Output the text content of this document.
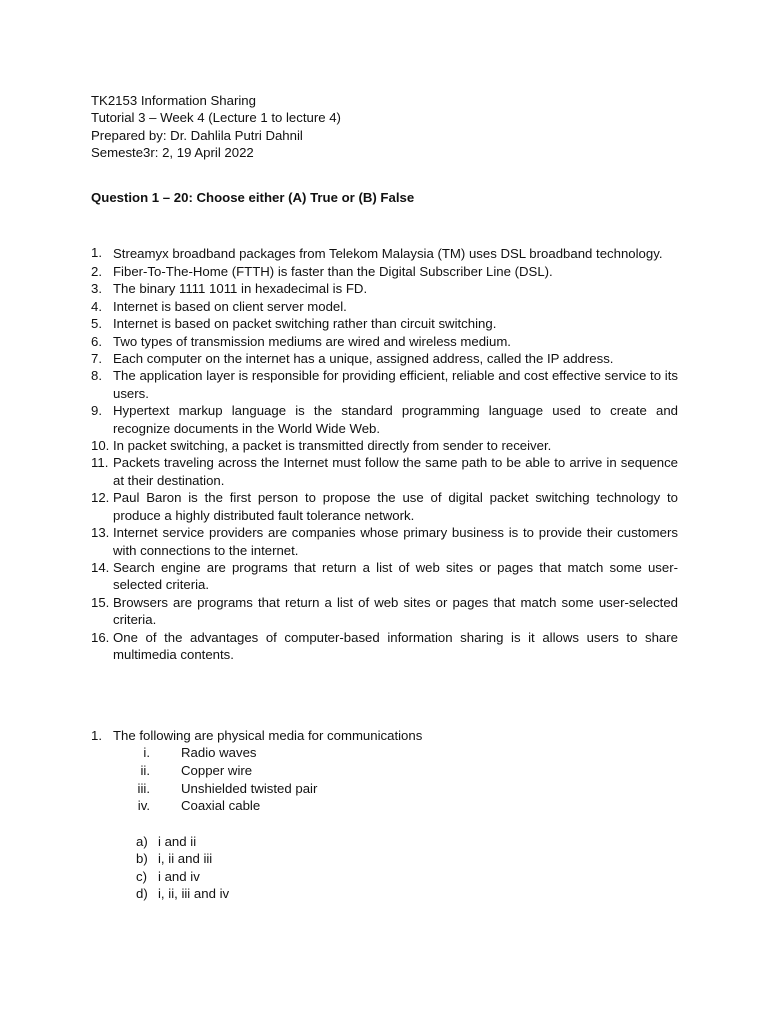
TK2153 Information Sharing
Tutorial 3 – Week 4 (Lecture 1 to lecture 4)
Prepared by: Dr. Dahlila Putri Dahnil
Semeste3r: 2, 19 April 2022
Question 1 – 20: Choose either (A) True or (B) False
1. Streamyx broadband packages from Telekom Malaysia (TM) uses DSL broadband technology.
2. Fiber-To-The-Home (FTTH) is faster than the Digital Subscriber Line (DSL).
3. The binary 1111 1011 in hexadecimal is FD.
4. Internet is based on client server model.
5. Internet is based on packet switching rather than circuit switching.
6. Two types of transmission mediums are wired and wireless medium.
7. Each computer on the internet has a unique, assigned address, called the IP address.
8. The application layer is responsible for providing efficient, reliable and cost effective service to its users.
9. Hypertext markup language is the standard programming language used to create and recognize documents in the World Wide Web.
10. In packet switching, a packet is transmitted directly from sender to receiver.
11. Packets traveling across the Internet must follow the same path to be able to arrive in sequence at their destination.
12. Paul Baron is the first person to propose the use of digital packet switching technology to produce a highly distributed fault tolerance network.
13. Internet service providers are companies whose primary business is to provide their customers with connections to the internet.
14. Search engine are programs that return a list of web sites or pages that match some user-selected criteria.
15. Browsers are programs that return a list of web sites or pages that match some user-selected criteria.
16. One of the advantages of computer-based information sharing is it allows users to share multimedia contents.
1. The following are physical media for communications
i. Radio waves
ii. Copper wire
iii. Unshielded twisted pair
iv. Coaxial cable
a) i and ii
b) i, ii and iii
c) i and iv
d) i, ii, iii and iv
